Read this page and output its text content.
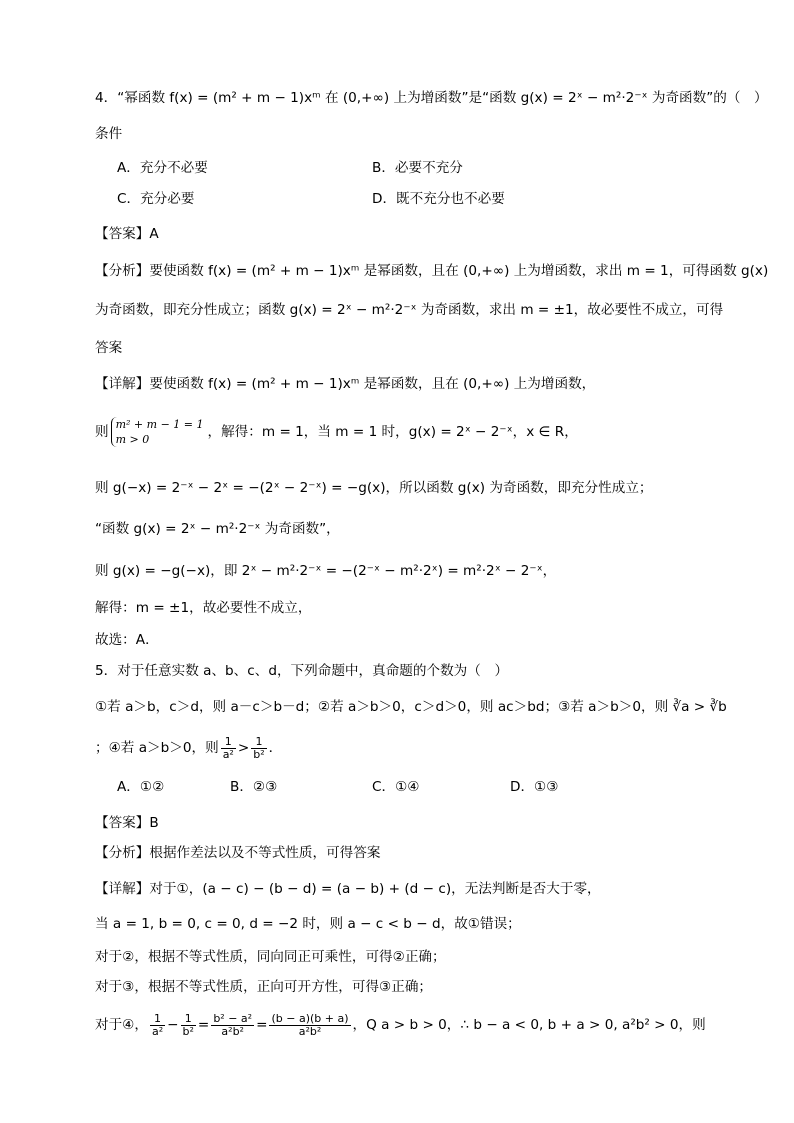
4．“幂函数 f(x) = (m² + m − 1)xᵐ 在 (0,+∞) 上为增函数”是“函数 g(x) = 2ˣ − m²·2⁻ˣ 为奇函数”的（　）
条件
A．充分不必要	B．必要不充分
C．充分必要	D．既不充分也不必要
【答案】A
【分析】要使函数 f(x) = (m² + m − 1)xᵐ 是幂函数，且在 (0,+∞) 上为增函数，求出 m = 1，可得函数 g(x)
为奇函数，即充分性成立；函数 g(x) = 2ˣ − m²·2⁻ˣ 为奇函数，求出 m = ±1，故必要性不成立，可得
答案
【详解】要使函数 f(x) = (m² + m − 1)xᵐ 是幂函数，且在 (0,+∞) 上为增函数，
则 m² + m − 1 = 1
m > 0	，解得：m = 1，当 m = 1 时，g(x) = 2ˣ − 2⁻ˣ，x ∈ R，
则 g(−x) = 2⁻ˣ − 2ˣ = −(2ˣ − 2⁻ˣ) = −g(x)，所以函数 g(x) 为奇函数，即充分性成立；
“函数 g(x) = 2ˣ − m²·2⁻ˣ 为奇函数”，
则 g(x) = −g(−x)，即 2ˣ − m²·2⁻ˣ = −(2⁻ˣ − m²·2ˣ) = m²·2ˣ − 2⁻ˣ，
解得：m = ±1，故必要性不成立，
故选：A．
5．对于任意实数 a、b、c、d，下列命题中，真命题的个数为（　）
①若 a＞b，c＞d，则 a－c＞b－d；②若 a＞b＞0，c＞d＞0，则 ac＞bd；③若 a＞b＞0，则 ∛a > ∛b
；④若 a＞b＞0，则 $\frac{1}{\text{a²}} > \frac{1}{\text{b²}}$ ．
A．①②	B．②③	C．①④	D．①③
【答案】B
【分析】根据作差法以及不等式性质，可得答案
【详解】对于①，(a − c) − (b − d) = (a − b) + (d − c)，无法判断是否大于零，
当 a = 1, b = 0, c = 0, d = −2 时，则 a − c < b − d，故①错误；
对于②，根据不等式性质，同向同正可乘性，可得②正确；
对于③，根据不等式性质，正向可开方性，可得③正确；
对于④， $\frac{1}{\text{a²}} - \frac{1}{\text{b²}} = \frac{\text{b² − a²}}{\text{a²b²}} = \frac{(b - a)(b + a)}{\text{a²b²}}$ ，Q a > b > 0，∴ b − a < 0, b + a > 0, a²b² > 0，则
